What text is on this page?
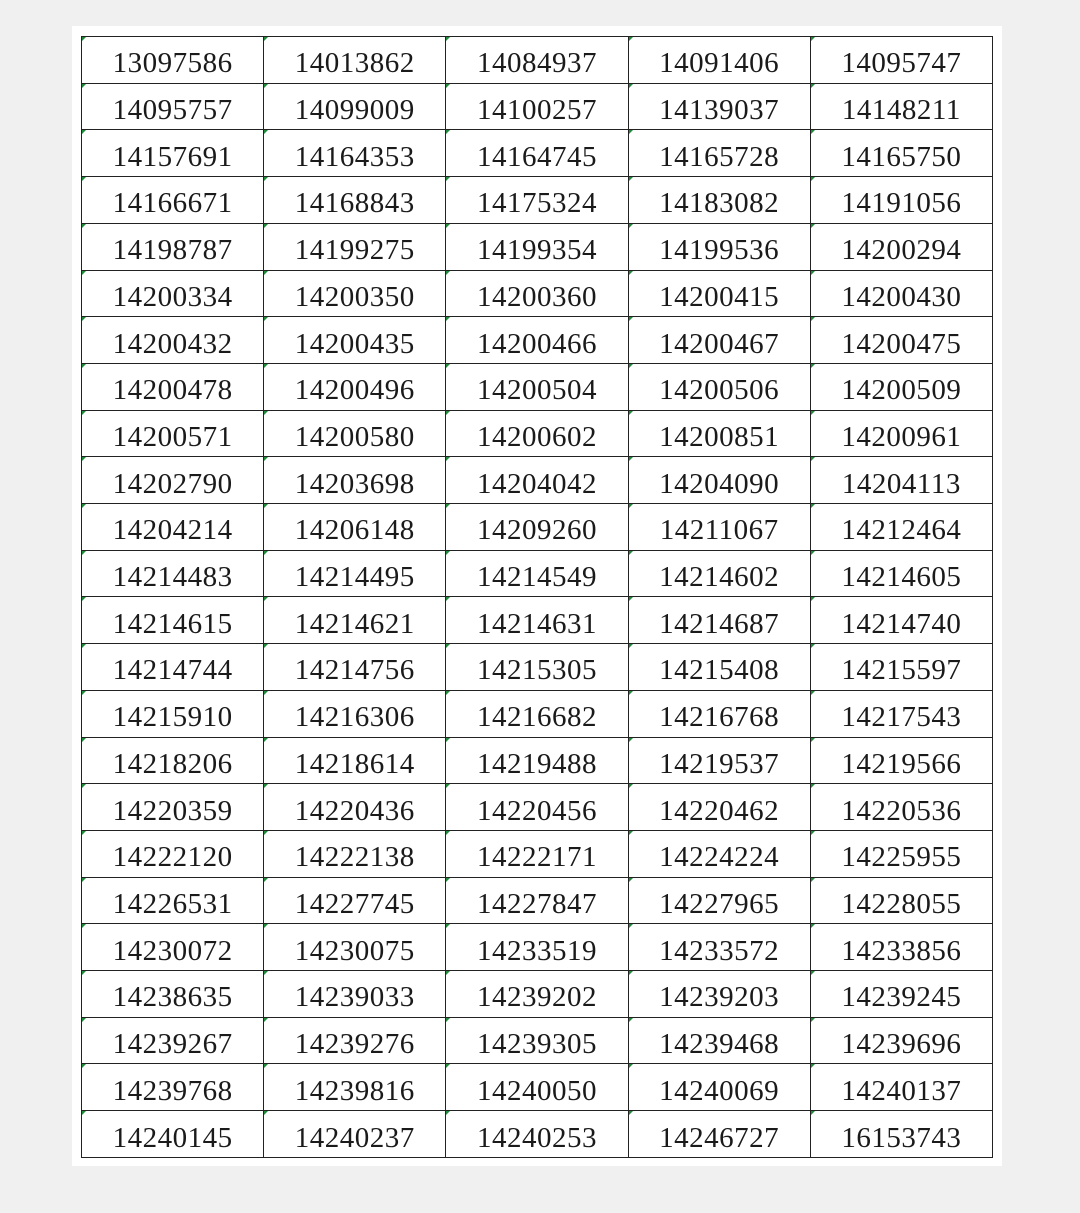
13097586	14013862	14084937	14091406	14095747
14095757	14099009	14100257	14139037	14148211
14157691	14164353	14164745	14165728	14165750
14166671	14168843	14175324	14183082	14191056
14198787	14199275	14199354	14199536	14200294
14200334	14200350	14200360	14200415	14200430
14200432	14200435	14200466	14200467	14200475
14200478	14200496	14200504	14200506	14200509
14200571	14200580	14200602	14200851	14200961
14202790	14203698	14204042	14204090	14204113
14204214	14206148	14209260	14211067	14212464
14214483	14214495	14214549	14214602	14214605
14214615	14214621	14214631	14214687	14214740
14214744	14214756	14215305	14215408	14215597
14215910	14216306	14216682	14216768	14217543
14218206	14218614	14219488	14219537	14219566
14220359	14220436	14220456	14220462	14220536
14222120	14222138	14222171	14224224	14225955
14226531	14227745	14227847	14227965	14228055
14230072	14230075	14233519	14233572	14233856
14238635	14239033	14239202	14239203	14239245
14239267	14239276	14239305	14239468	14239696
14239768	14239816	14240050	14240069	14240137
14240145	14240237	14240253	14246727	16153743
